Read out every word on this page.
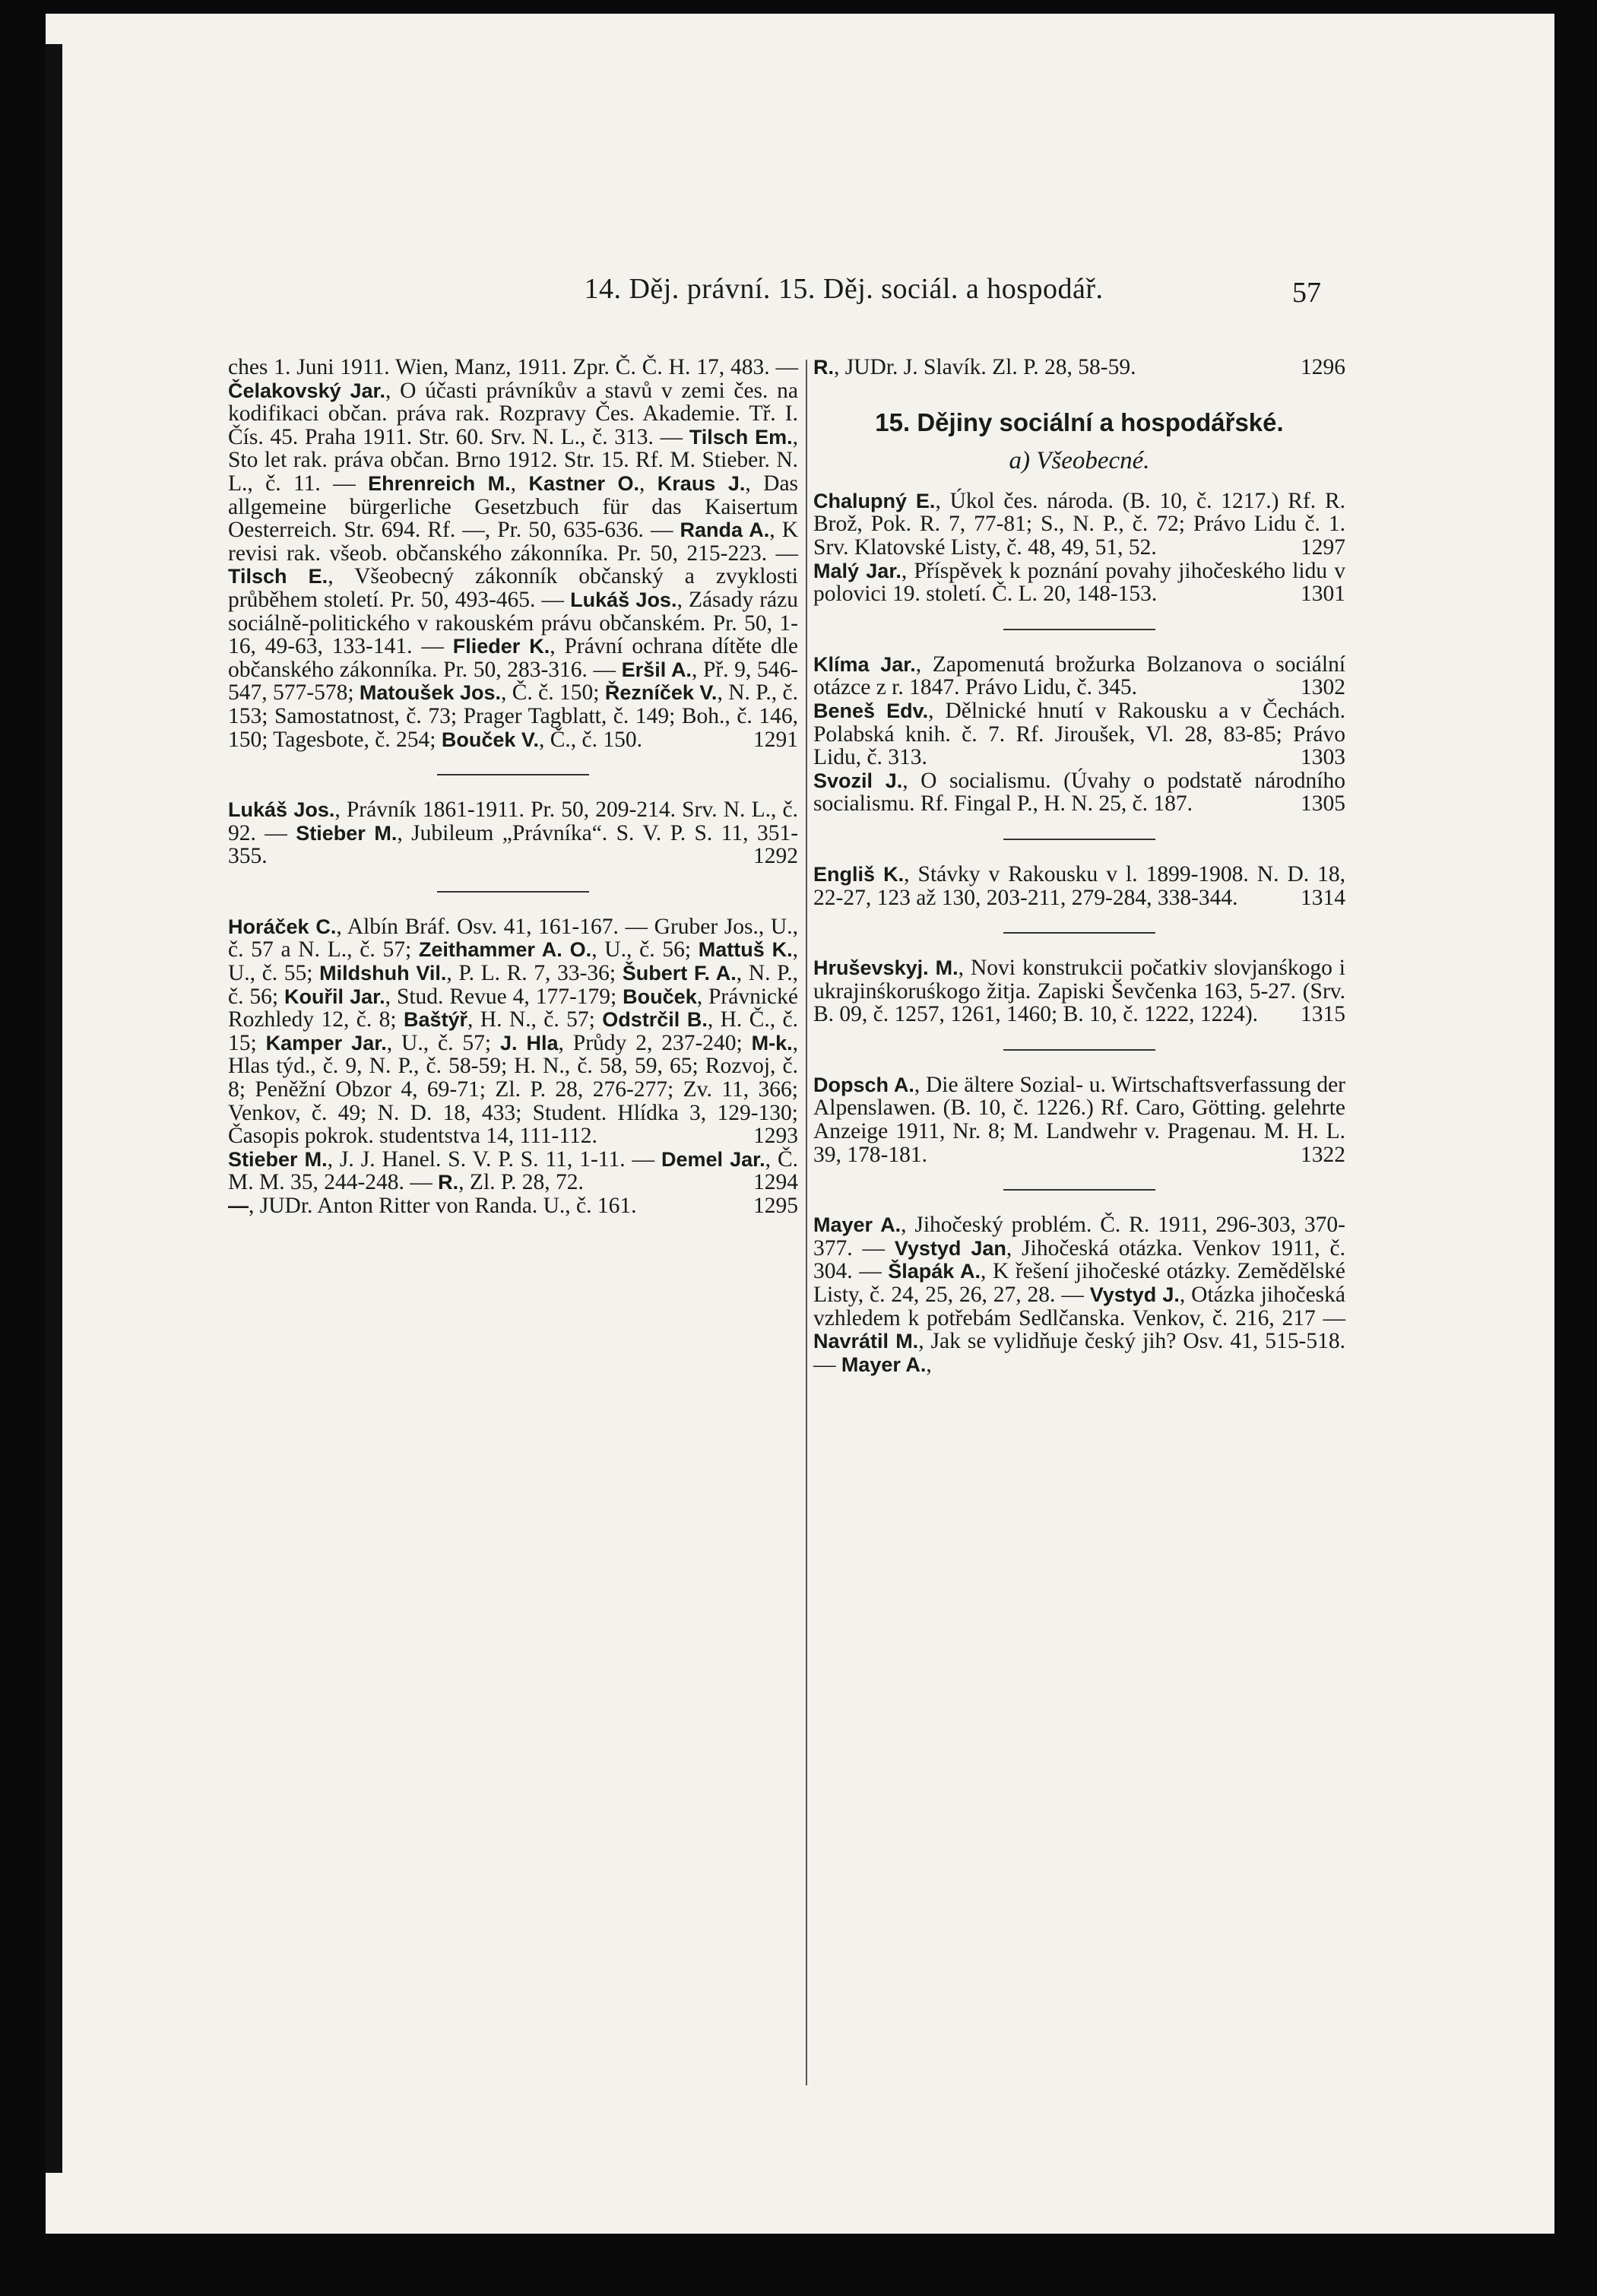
14. Děj. právní. 15. Děj. sociál. a hospodář.	57

ches 1. Juni 1911. Wien, Manz, 1911. Zpr. Č. Č. H. 17, 483. — Čelakovský Jar., O účasti právníkův a stavů v zemi čes. na kodifikaci občan. práva rak. Rozpravy Čes. Akademie. Tř. I. Čís. 45. Praha 1911. Str. 60. Srv. N. L., č. 313. — Tilsch Em., Sto let rak. práva občan. Brno 1912. Str. 15. Rf. M. Stieber. N. L., č. 11. — Ehrenreich M., Kastner O., Kraus J., Das allgemeine bürgerliche Gesetzbuch für das Kaisertum Oesterreich. Str. 694. Rf. —, Pr. 50, 635-636. — Randa A., K revisi rak. všeob. občanského zákonníka. Pr. 50, 215-223. — Tilsch E., Všeobecný zákonník občanský a zvyklosti průběhem století. Pr. 50, 493-465. — Lukáš Jos., Zásady rázu sociálně-politického v rakouském právu občanském. Pr. 50, 1-16, 49-63, 133-141. — Flieder K., Právní ochrana dítěte dle občanského zákonníka. Pr. 50, 283-316. — Eršil A., Př. 9, 546-547, 577-578; Matoušek Jos., Č. č. 150; Řezníček V., N. P., č. 153; Samostatnost, č. 73; Prager Tagblatt, č. 149; Boh., č. 146, 150; Tagesbote, č. 254; Bouček V., Č., č. 150.	1291

Lukáš Jos., Právník 1861-1911. Pr. 50, 209-214. Srv. N. L., č. 92. — Stieber M., Jubileum „Právníka“. S. V. P. S. 11, 351-355.	1292

Horáček C., Albín Bráf. Osv. 41, 161-167. — Gruber Jos., U., č. 57 a N. L., č. 57; Zeithammer A. O., U., č. 56; Mattuš K., U., č. 55; Mildshuh Vil., P. L. R. 7, 33-36; Šubert F. A., N. P., č. 56; Kouřil Jar., Stud. Revue 4, 177-179; Bouček, Právnické Rozhledy 12, č. 8; Baštýř, H. N., č. 57; Odstrčil B., H. Č., č. 15; Kamper Jar., U., č. 57; J. Hla, Průdy 2, 237-240; M-k., Hlas týd., č. 9, N. P., č. 58-59; H. N., č. 58, 59, 65; Rozvoj, č. 8; Peněžní Obzor 4, 69-71; Zl. P. 28, 276-277; Zv. 11, 366; Venkov, č. 49; N. D. 18, 433; Student. Hlídka 3, 129-130; Časopis pokrok. studentstva 14, 111-112.	1293

Stieber M., J. J. Hanel. S. V. P. S. 11, 1-11. — Demel Jar., Č. M. M. 35, 244-248. — R., Zl. P. 28, 72.	1294

—, JUDr. Anton Ritter von Randa. U., č. 161.	1295

R., JUDr. J. Slavík. Zl. P. 28, 58-59.	1296

15. Dějiny sociální a hospodářské.
a) Všeobecné.

Chalupný E., Úkol čes. národa. (B. 10, č. 1217.) Rf. R. Brož, Pok. R. 7, 77-81; S., N. P., č. 72; Právo Lidu č. 1. Srv. Klatovské Listy, č. 48, 49, 51, 52.	1297

Malý Jar., Příspěvek k poznání povahy jihočeského lidu v polovici 19. století. Č. L. 20, 148-153.	1301

Klíma Jar., Zapomenutá brožurka Bolzanova o sociální otázce z r. 1847. Právo Lidu, č. 345.	1302

Beneš Edv., Dělnické hnutí v Rakousku a v Čechách. Polabská knih. č. 7. Rf. Jiroušek, Vl. 28, 83-85; Právo Lidu, č. 313.	1303

Svozil J., O socialismu. (Úvahy o podstatě národního socialismu. Rf. Fingal P., H. N. 25, č. 187.	1305

Engliš K., Stávky v Rakousku v l. 1899-1908. N. D. 18, 22-27, 123 až 130, 203-211, 279-284, 338-344.	1314

Hruševskyj. M., Novi konstrukcii počatkiv slovjanśkogo i ukrajinśkoruśkogo žitja. Zapiski Ševčenka 163, 5-27. (Srv. B. 09, č. 1257, 1261, 1460; B. 10, č. 1222, 1224). 1315

Dopsch A., Die ältere Sozial- u. Wirtschaftsverfassung der Alpenslawen. (B. 10, č. 1226.) Rf. Caro, Götting. gelehrte Anzeige 1911, Nr. 8; M. Landwehr v. Pragenau. M. H. L. 39, 178-181.	1322

Mayer A., Jihočeský problém. Č. R. 1911, 296-303, 370-377. — Vystyd Jan, Jihočeská otázka. Venkov 1911, č. 304. — Šlapák A., K řešení jihočeské otázky. Zemědělské Listy, č. 24, 25, 26, 27, 28. — Vystyd J., Otázka jihočeská vzhledem k potřebám Sedlčanska. Venkov, č. 216, 217 — Navrátil M., Jak se vylidňuje český jih? Osv. 41, 515-518. — Mayer A.,
